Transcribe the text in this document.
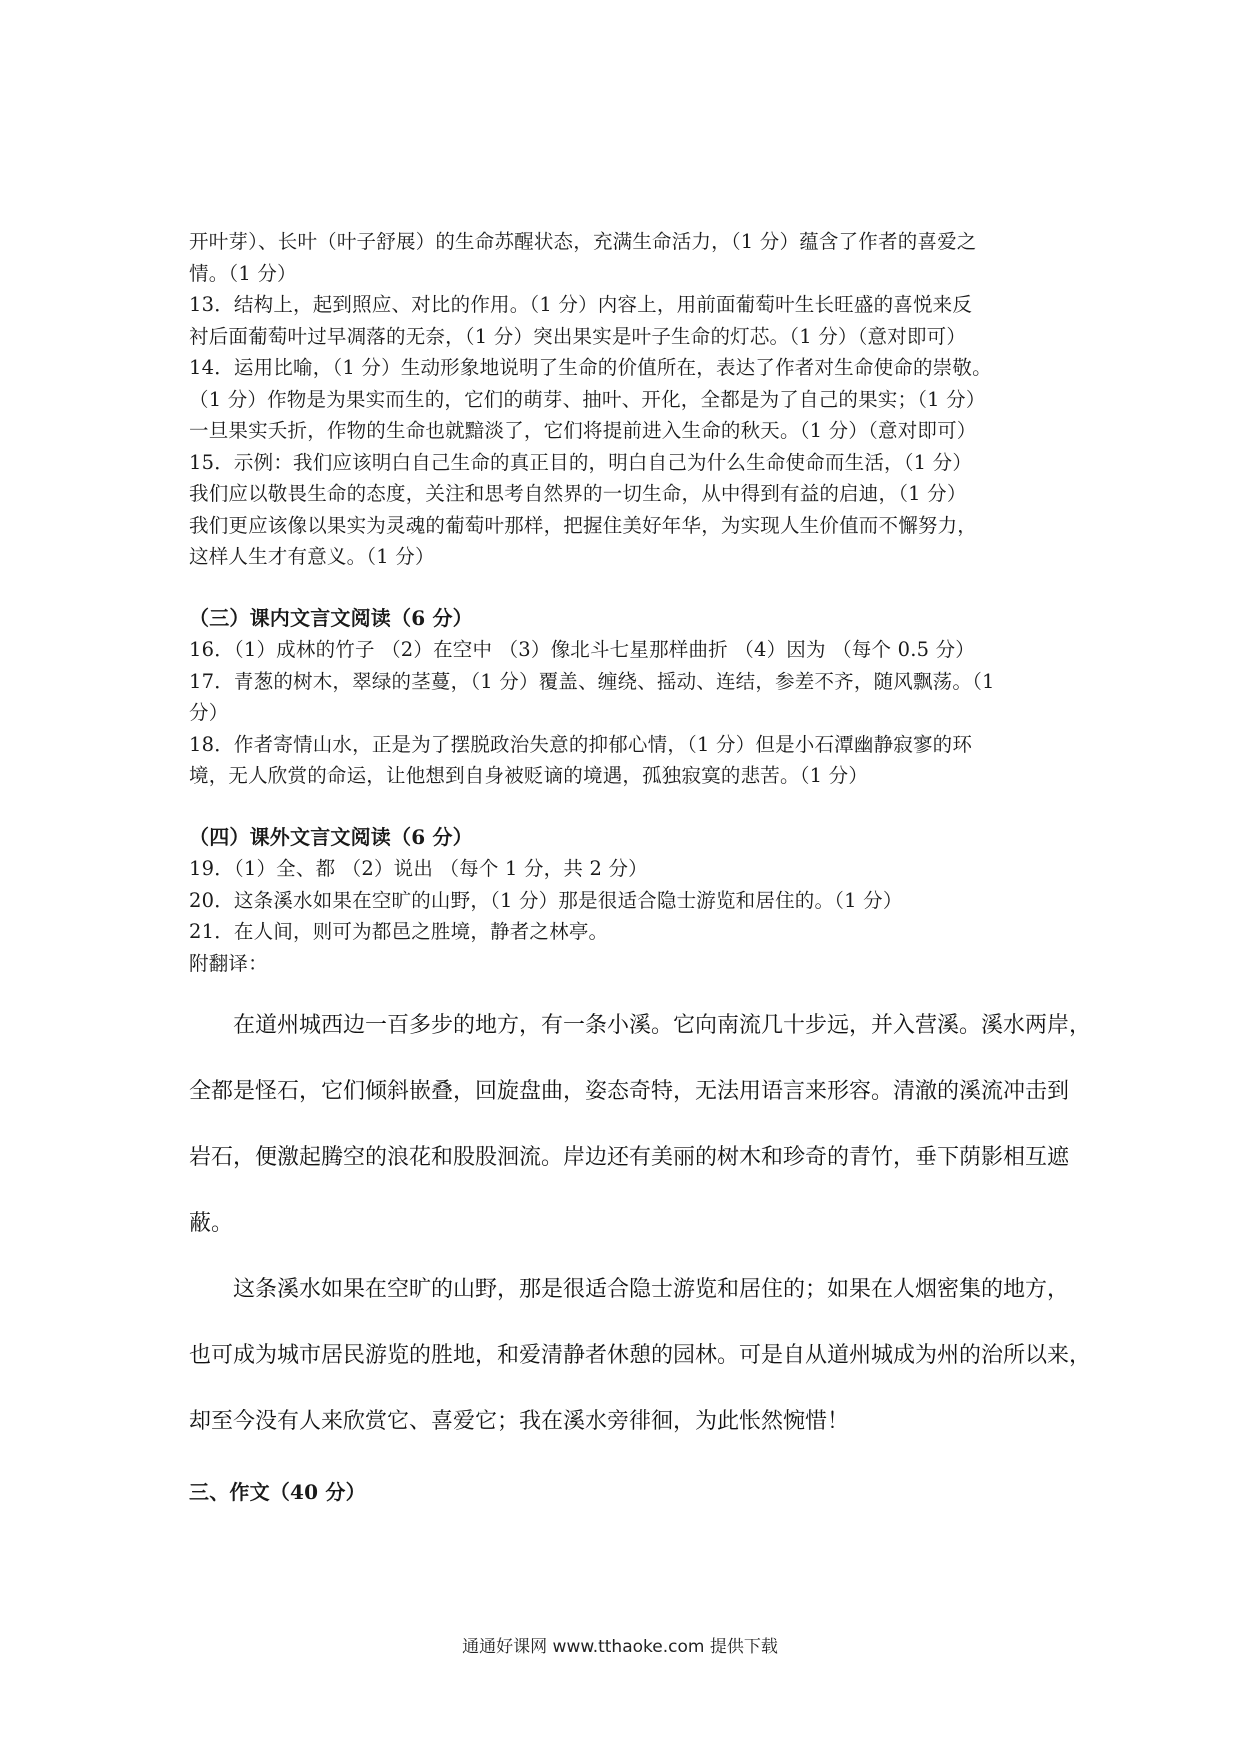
开叶芽）、长叶（叶子舒展）的生命苏醒状态，充满生命活力，（1 分）蕴含了作者的喜爱之
情。（1 分）
13．结构上，起到照应、对比的作用。（1 分）内容上，用前面葡萄叶生长旺盛的喜悦来反
衬后面葡萄叶过早凋落的无奈，（1 分）突出果实是叶子生命的灯芯。（1 分）（意对即可）
14．运用比喻，（1 分）生动形象地说明了生命的价值所在，表达了作者对生命使命的崇敬。
（1 分）作物是为果实而生的，它们的萌芽、抽叶、开化，全都是为了自己的果实；（1 分）
一旦果实夭折，作物的生命也就黯淡了，它们将提前进入生命的秋天。（1 分）（意对即可）
15．示例：我们应该明白自己生命的真正目的，明白自己为什么生命使命而生活，（1 分）
我们应以敬畏生命的态度，关注和思考自然界的一切生命，从中得到有益的启迪，（1 分）
我们更应该像以果实为灵魂的葡萄叶那样，把握住美好年华，为实现人生价值而不懈努力，
这样人生才有意义。（1 分）
（三）课内文言文阅读（6 分）
16．（1）成林的竹子 （2）在空中 （3）像北斗七星那样曲折 （4）因为 （每个 0.5 分）
17．青葱的树木，翠绿的茎蔓，（1 分）覆盖、缠绕、摇动、连结，参差不齐，随风飘荡。（1
分）
18．作者寄情山水，正是为了摆脱政治失意的抑郁心情，（1 分）但是小石潭幽静寂寥的环
境，无人欣赏的命运，让他想到自身被贬谪的境遇，孤独寂寞的悲苦。（1 分）
（四）课外文言文阅读（6 分）
19．（1）全、都 （2）说出 （每个 1 分，共 2 分）
20．这条溪水如果在空旷的山野，（1 分）那是很适合隐士游览和居住的。（1 分）
21．在人间，则可为都邑之胜境，静者之林亭。
附翻译：
在道州城西边一百多步的地方，有一条小溪。它向南流几十步远，并入营溪。溪水两岸，
全都是怪石，它们倾斜嵌叠，回旋盘曲，姿态奇特，无法用语言来形容。清澈的溪流冲击到
岩石，便激起腾空的浪花和股股洄流。岸边还有美丽的树木和珍奇的青竹，垂下荫影相互遮
蔽。
这条溪水如果在空旷的山野，那是很适合隐士游览和居住的；如果在人烟密集的地方，
也可成为城市居民游览的胜地，和爱清静者休憩的园林。可是自从道州城成为州的治所以来，
却至今没有人来欣赏它、喜爱它；我在溪水旁徘徊，为此怅然惋惜！
三、作文（40 分）
通通好课网 www.tthaoke.com 提供下载
